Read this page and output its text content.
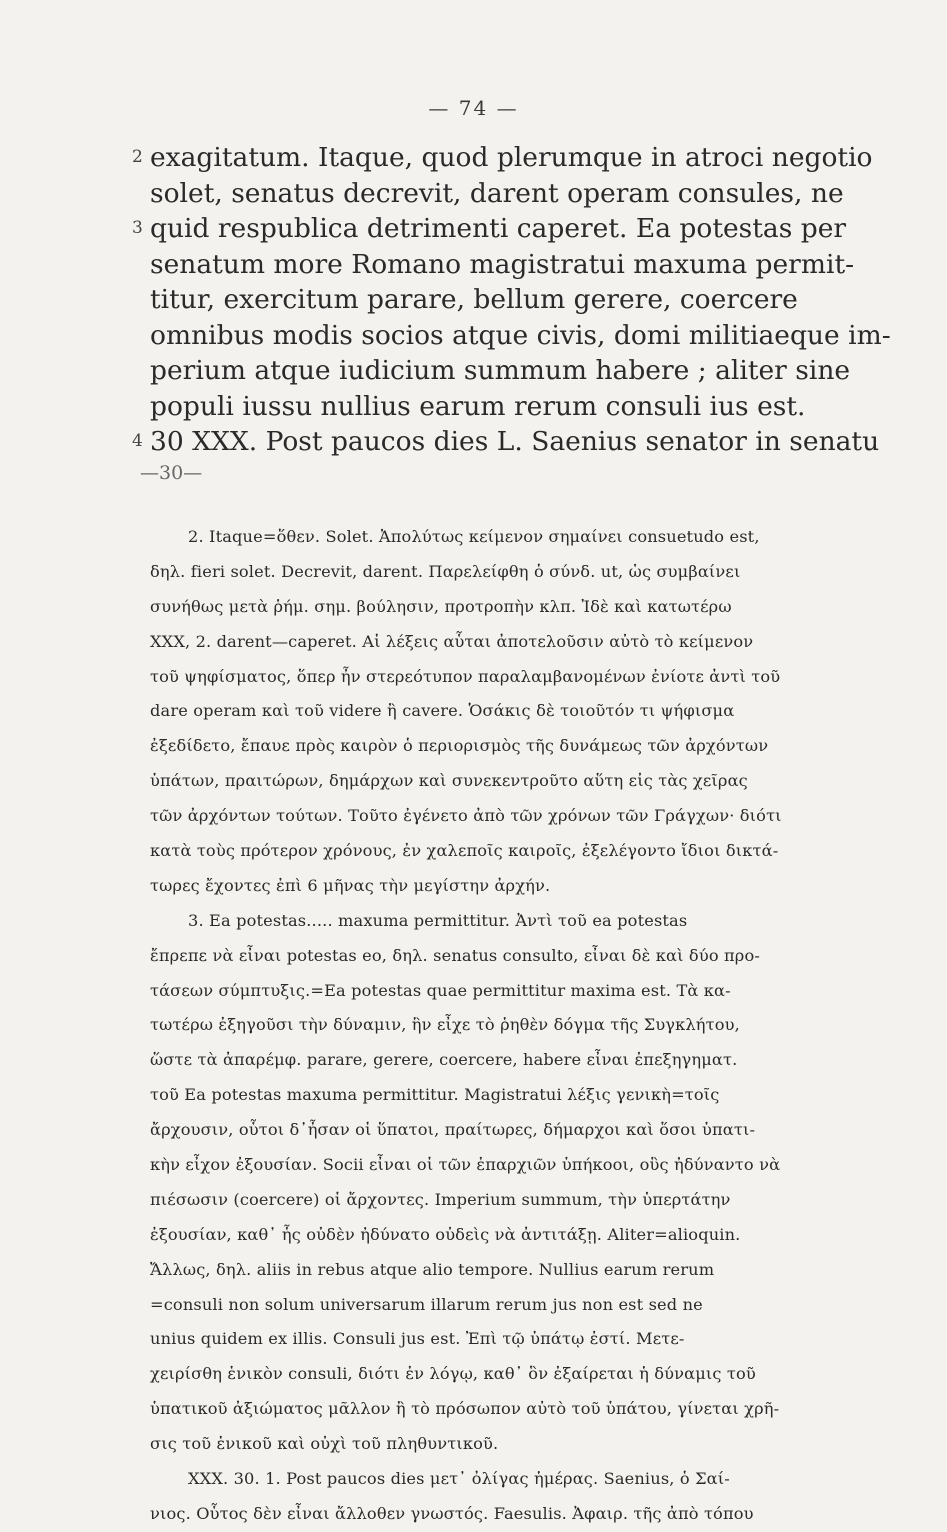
— 74 —
2 exagitatum. Itaque, quod plerumque in atroci negotio
solet, senatus decrevit, darent operam consules, ne
3 quid respublica detrimenti caperet. Ea potestas per
senatum more Romano magistratui maxuma permit-
titur, exercitum parare, bellum gerere, coercere
omnibus modis socios atque civis, domi militiaeque im-
perium atque iudicium summum habere ; aliter sine
populi iussu nullius earum rerum consuli ius est.
4 30 XXX. Post paucos dies L. Saenius senator in senatu
—30—
2. Itaque=ὅθεν. Solet. Ἀπολύτως κείμενον σημαίνει consuetudo est,
δηλ. fieri solet. Decrevit, darent. Παρελείφθη ὁ σύνδ. ut, ὡς συμβαίνει
συνήθως μετὰ ῥήμ. σημ. βούλησιν, προτροπὴν κλπ. Ἰδὲ καὶ κατωτέρω
XXX, 2. darent—caperet. Αἱ λέξεις αὗται ἀποτελοῦσιν αὐτὸ τὸ κείμενον
τοῦ ψηφίσματος, ὅπερ ἦν στερεότυπον παραλαμβανομένων ἐνίοτε ἀντὶ τοῦ
dare operam καὶ τοῦ videre ἢ cavere. Ὁσάκις δὲ τοιοῦτόν τι ψήφισμα
ἐξεδίδετο, ἔπαυε πρὸς καιρὸν ὁ περιορισμὸς τῆς δυνάμεως τῶν ἀρχόντων
ὑπάτων, πραιτώρων, δημάρχων καὶ συνεκεντροῦτο αὕτη εἰς τὰς χεῖρας
τῶν ἀρχόντων τούτων. Τοῦτο ἐγένετο ἀπὸ τῶν χρόνων τῶν Γράγχων· διότι
κατὰ τοὺς πρότερον χρόνους, ἐν χαλεποῖς καιροῖς, ἐξελέγοντο ἴδιοι δικτά-
τωρες ἔχοντες ἐπὶ 6 μῆνας τὴν μεγίστην ἀρχήν.
3. Ea potestas..... maxuma permittitur. Ἀντὶ τοῦ ea potestas
ἔπρεπε νὰ εἶναι potestas eo, δηλ. senatus consulto, εἶναι δὲ καὶ δύο προ-
τάσεων σύμπτυξις.=Ea potestas quae permittitur maxima est. Τὰ κα-
τωτέρω ἐξηγοῦσι τὴν δύναμιν, ἣν εἶχε τὸ ῥηθὲν δόγμα τῆς Συγκλήτου,
ὥστε τὰ ἀπαρέμφ. parare, gerere, coercere, habere εἶναι ἐπεξηγηματ.
τοῦ Ea potestas maxuma permittitur. Magistratui λέξις γενικὴ=τοῖς
ἄρχουσιν, οὗτοι δ᾽ἦσαν οἱ ὕπατοι, πραίτωρες, δήμαρχοι καὶ ὅσοι ὑπατι-
κὴν εἶχον ἐξουσίαν. Socii εἶναι οἱ τῶν ἐπαρχιῶν ὑπήκοοι, οὓς ἠδύναντο νὰ
πιέσωσιν (coercere) οἱ ἄρχοντες. Imperium summum, τὴν ὑπερτάτην
ἐξουσίαν, καθ᾽ ἧς οὐδὲν ἠδύνατο οὐδεὶς νὰ ἀντιτάξῃ. Aliter=alioquin.
Ἄλλως, δηλ. aliis in rebus atque alio tempore. Nullius earum rerum
=consuli non solum universarum illarum rerum jus non est sed ne
unius quidem ex illis. Consuli jus est. Ἐπὶ τῷ ὑπάτῳ ἐστί. Μετε-
χειρίσθη ἑνικὸν consuli, διότι ἐν λόγῳ, καθ᾽ ὃν ἐξαίρεται ἡ δύναμις τοῦ
ὑπατικοῦ ἀξιώματος μᾶλλον ἢ τὸ πρόσωπον αὐτὸ τοῦ ὑπάτου, γίνεται χρῆ-
σις τοῦ ἑνικοῦ καὶ οὐχὶ τοῦ πληθυντικοῦ.
XXX. 30. 1. Post paucos dies μετ᾽ ὀλίγας ἡμέρας. Saenius, ὁ Σαί-
νιος. Οὗτος δὲν εἶναι ἄλλοθεν γνωστός. Faesulis. Ἀφαιρ. τῆς ἀπὸ τόπου
